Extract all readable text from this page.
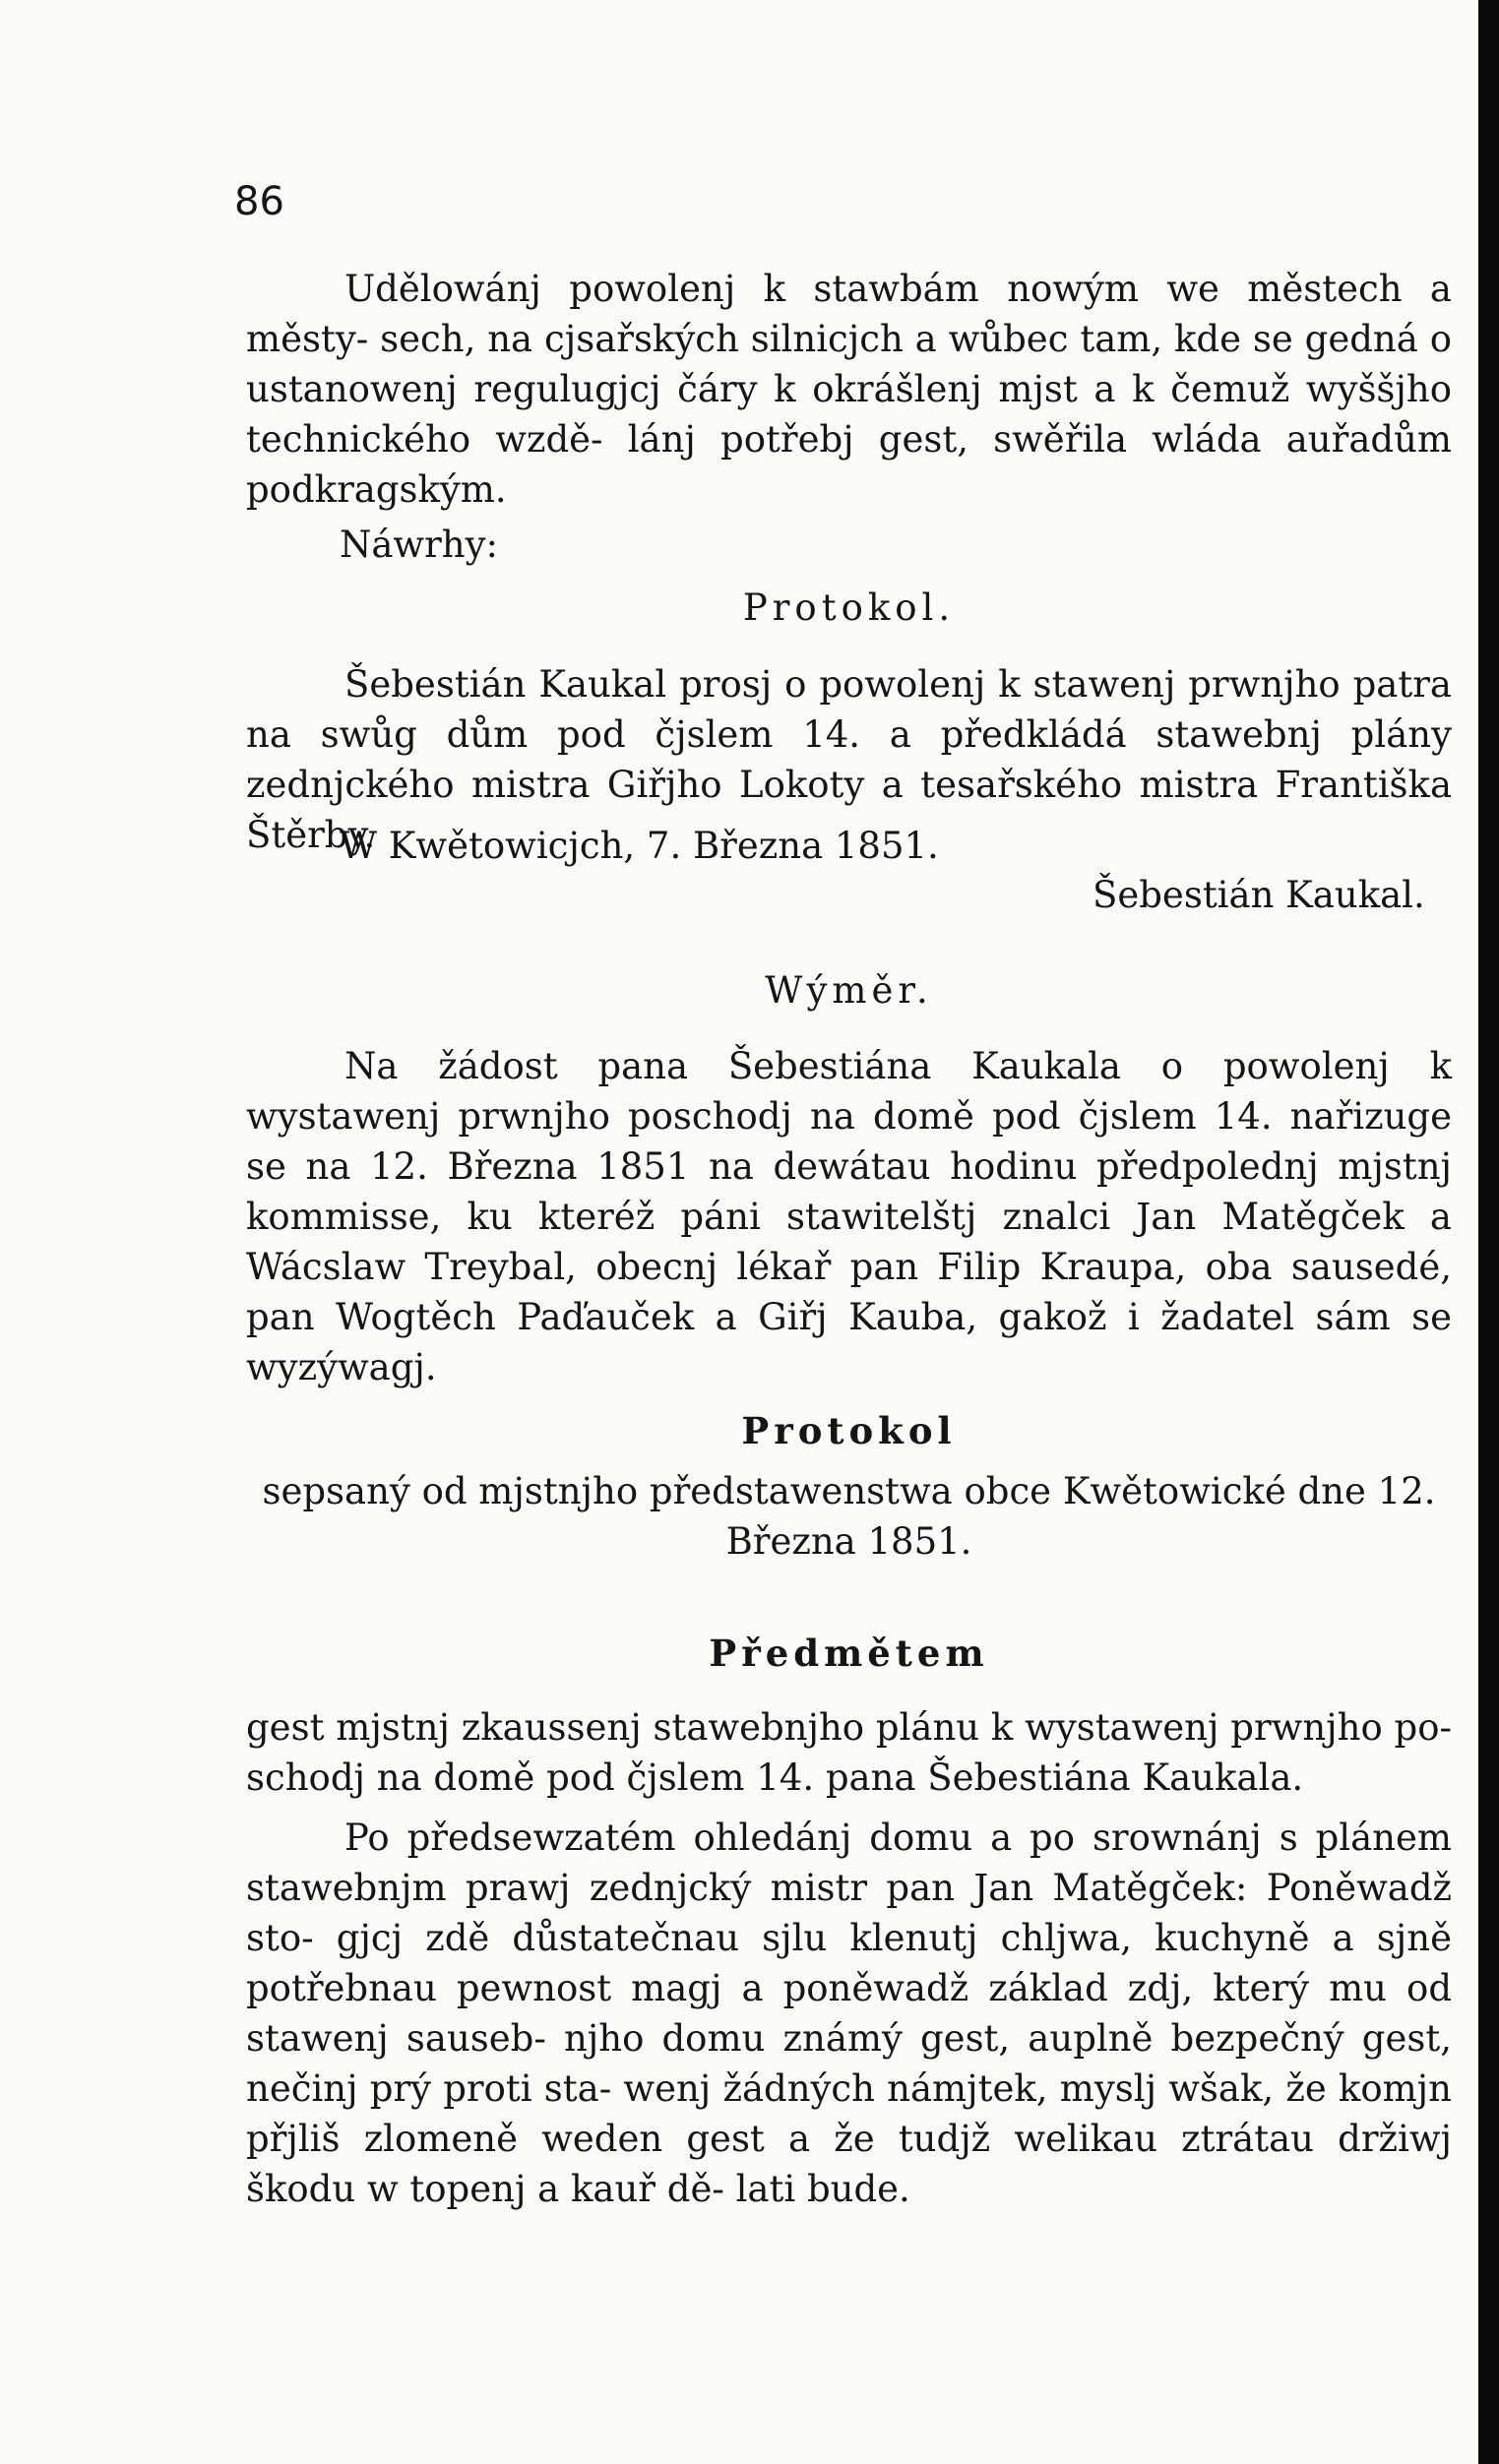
86

Udělowánj powolenj k stawbám nowým we městech a městy- sech, na cjsařských silnicjch a wůbec tam, kde se gedná o ustanowenj regulugjcj čáry k okrášlenj mjst a k čemuž wyššjho technického wzdě- lánj potřebj gest, swěřila wláda auřadům podkragským.

Náwrhy:

Protokol.

Šebestián Kaukal prosj o powolenj k stawenj prwnjho patra na swůg dům pod čjslem 14. a předkládá stawebnj plány zednjckého mistra Giřjho Lokoty a tesařského mistra Františka Štěrby.

W Kwětowicjch, 7. Března 1851.

Šebestián Kaukal.

Wýměr.

Na žádost pana Šebestiána Kaukala o powolenj k wystawenj prwnjho poschodj na domě pod čjslem 14. nařizuge se na 12. Března 1851 na dewátau hodinu předpolednj mjstnj kommisse, ku kteréž páni stawitelštj znalci Jan Matěgček a Wácslaw Treybal, obecnj lékař pan Filip Kraupa, oba sausedé, pan Wogtěch Paďauček a Giřj Kauba, gakož i žadatel sám se wyzýwagj.

Protokol

sepsaný od mjstnjho předstawenstwa obce Kwětowické dne 12. Března 1851.

Předmětem

gest mjstnj zkaussenj stawebnjho plánu k wystawenj prwnjho po- schodj na domě pod čjslem 14. pana Šebestiána Kaukala.

Po předsewzatém ohledánj domu a po srownánj s plánem stawebnjm prawj zednjcký mistr pan Jan Matěgček: Poněwadž sto- gjcj zdě důstatečnau sjlu klenutj chljwa, kuchyně a sjně potřebnau pewnost magj a poněwadž základ zdj, který mu od stawenj sauseb- njho domu známý gest, auplně bezpečný gest, nečinj prý proti sta- wenj žádných námjtek, myslj wšak, že komjn přjliš zlomeně weden gest a že tudjž welikau ztrátau držiwj škodu w topenj a kauř dě- lati bude.
